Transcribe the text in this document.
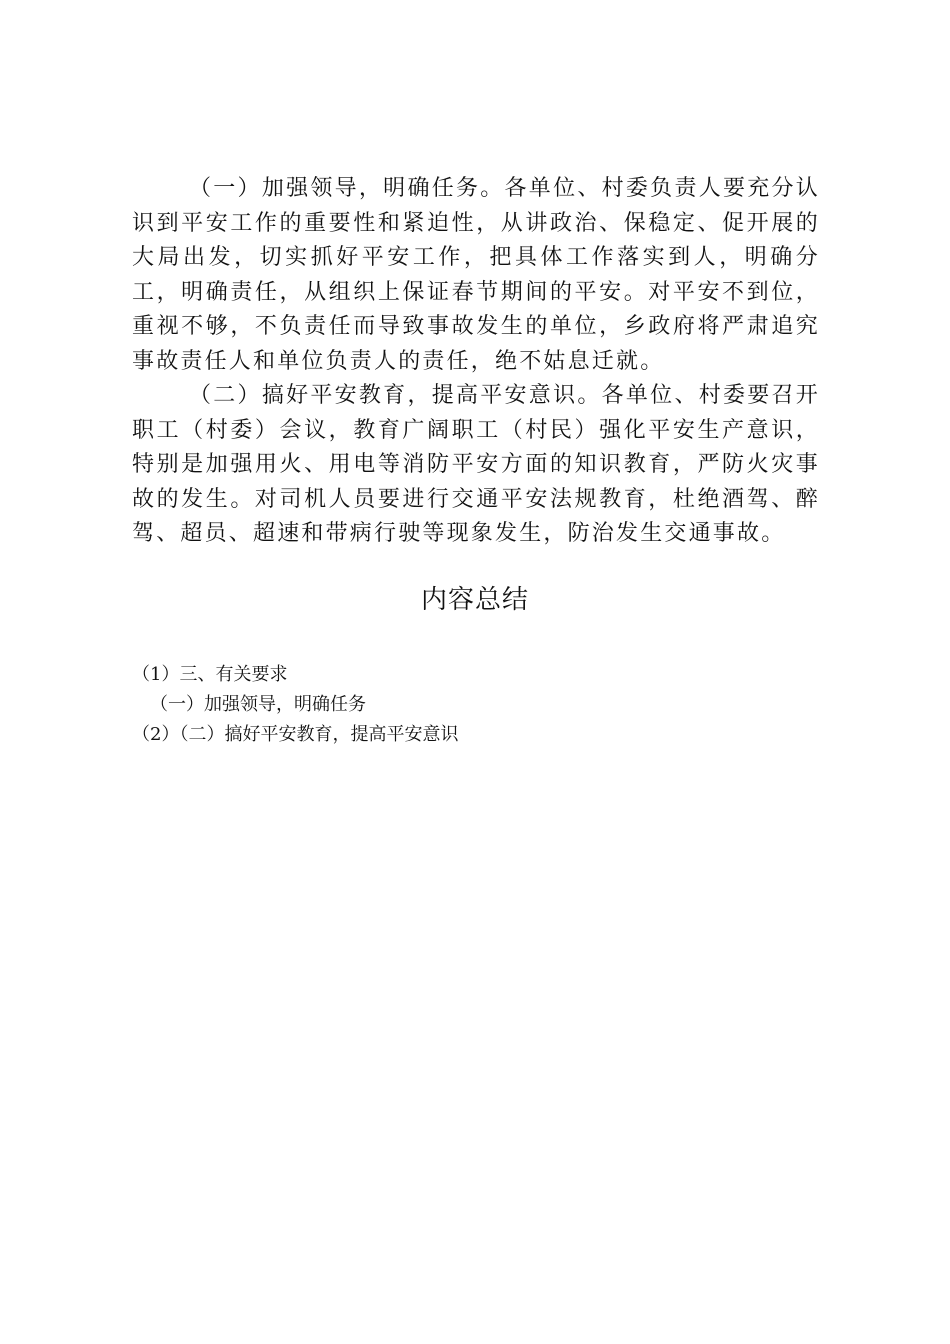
（一）加强领导，明确任务。各单位、村委负责人要充分认识到平安工作的重要性和紧迫性，从讲政治、保稳定、促开展的大局出发，切实抓好平安工作，把具体工作落实到人，明确分工，明确责任，从组织上保证春节期间的平安。对平安不到位，重视不够，不负责任而导致事故发生的单位，乡政府将严肃追究事故责任人和单位负责人的责任，绝不姑息迁就。

（二）搞好平安教育，提高平安意识。各单位、村委要召开职工（村委）会议，教育广阔职工（村民）强化平安生产意识，特别是加强用火、用电等消防平安方面的知识教育，严防火灾事故的发生。对司机人员要进行交通平安法规教育，杜绝酒驾、醉驾、超员、超速和带病行驶等现象发生，防治发生交通事故。

内容总结
（1）三、有关要求
（一）加强领导，明确任务
（2）（二）搞好平安教育，提高平安意识
